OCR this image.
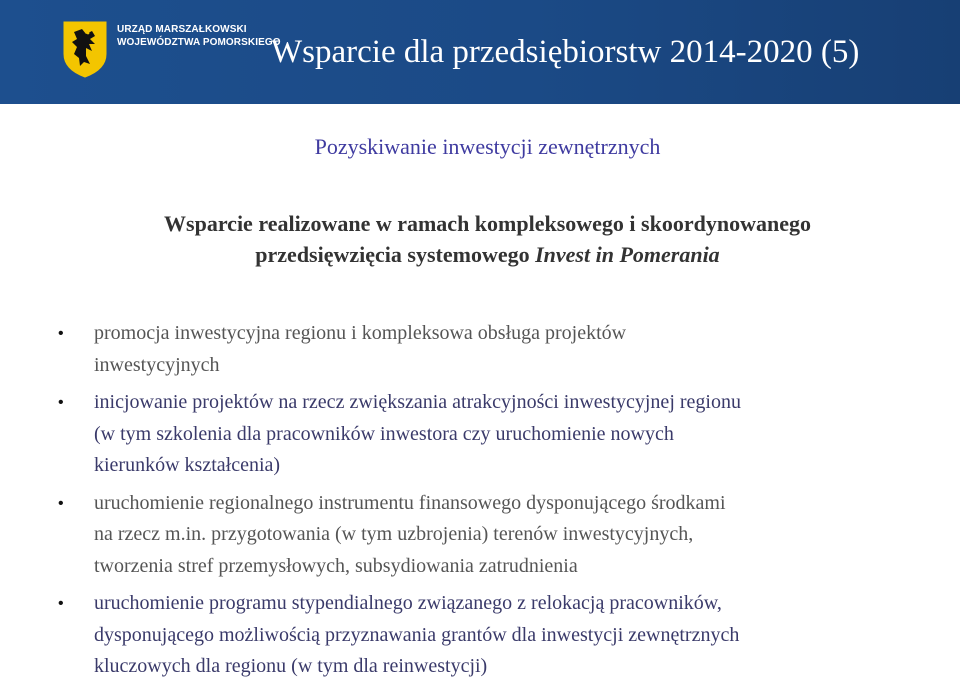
URZĄD MARSZAŁKOWSKI
WOJEWÓDZTWA POMORSKIEGO
Wsparcie dla przedsiębiorstw 2014-2020 (5)
Pozyskiwanie inwestycji zewnętrznych
Wsparcie realizowane w ramach kompleksowego i skoordynowanego
przedsięwzięcia systemowego Invest in Pomerania
• promocja inwestycyjna regionu i kompleksowa obsługa projektów
inwestycyjnych
• inicjowanie projektów na rzecz zwiększania atrakcyjności inwestycyjnej regionu
(w tym szkolenia dla pracowników inwestora czy uruchomienie nowych
kierunków kształcenia)
• uruchomienie regionalnego instrumentu finansowego dysponującego środkami
na rzecz m.in. przygotowania (w tym uzbrojenia) terenów inwestycyjnych,
tworzenia stref przemysłowych, subsydiowania zatrudnienia
• uruchomienie programu stypendialnego związanego z relokacją pracowników,
dysponującego możliwością przyznawania grantów dla inwestycji zewnętrznych
kluczowych dla regionu (w tym dla reinwestycji)
